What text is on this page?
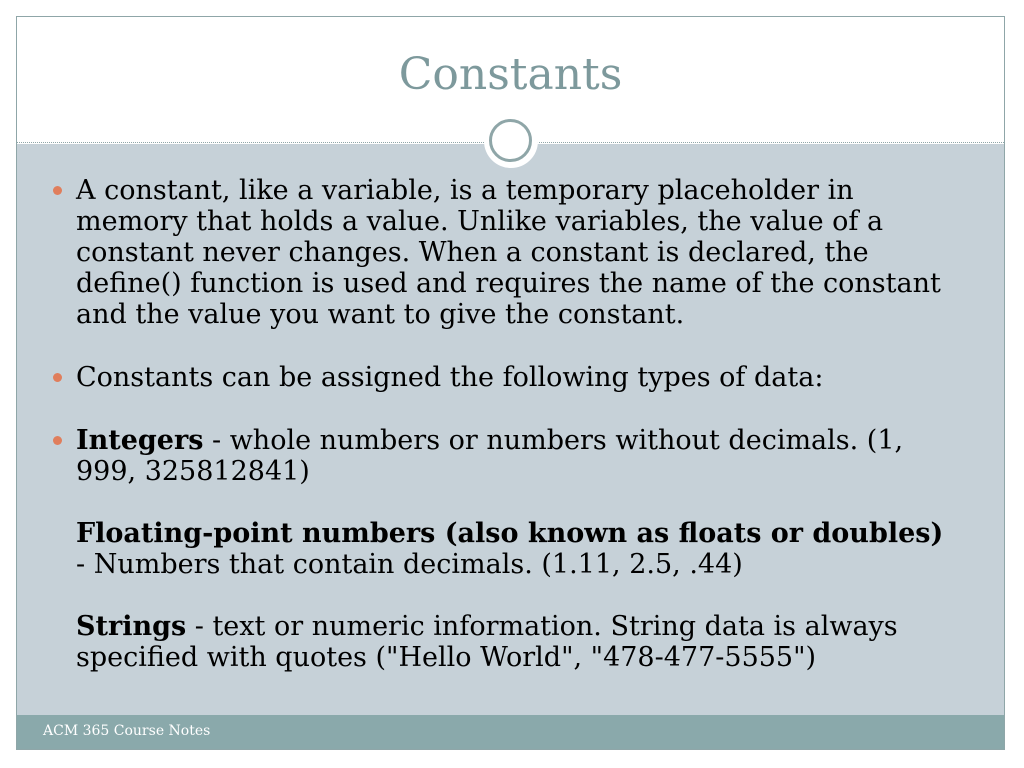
Constants
A constant, like a variable, is a temporary placeholder in memory that holds a value. Unlike variables, the value of a constant never changes. When a constant is declared, the define() function is used and requires the name of the constant and the value you want to give the constant.
Constants can be assigned the following types of data:
Integers - whole numbers or numbers without decimals. (1, 999, 325812841)
Floating-point numbers (also known as floats or doubles) - Numbers that contain decimals. (1.11, 2.5, .44)
Strings - text or numeric information. String data is always specified with quotes ("Hello World", "478-477-5555")
ACM 365 Course Notes
